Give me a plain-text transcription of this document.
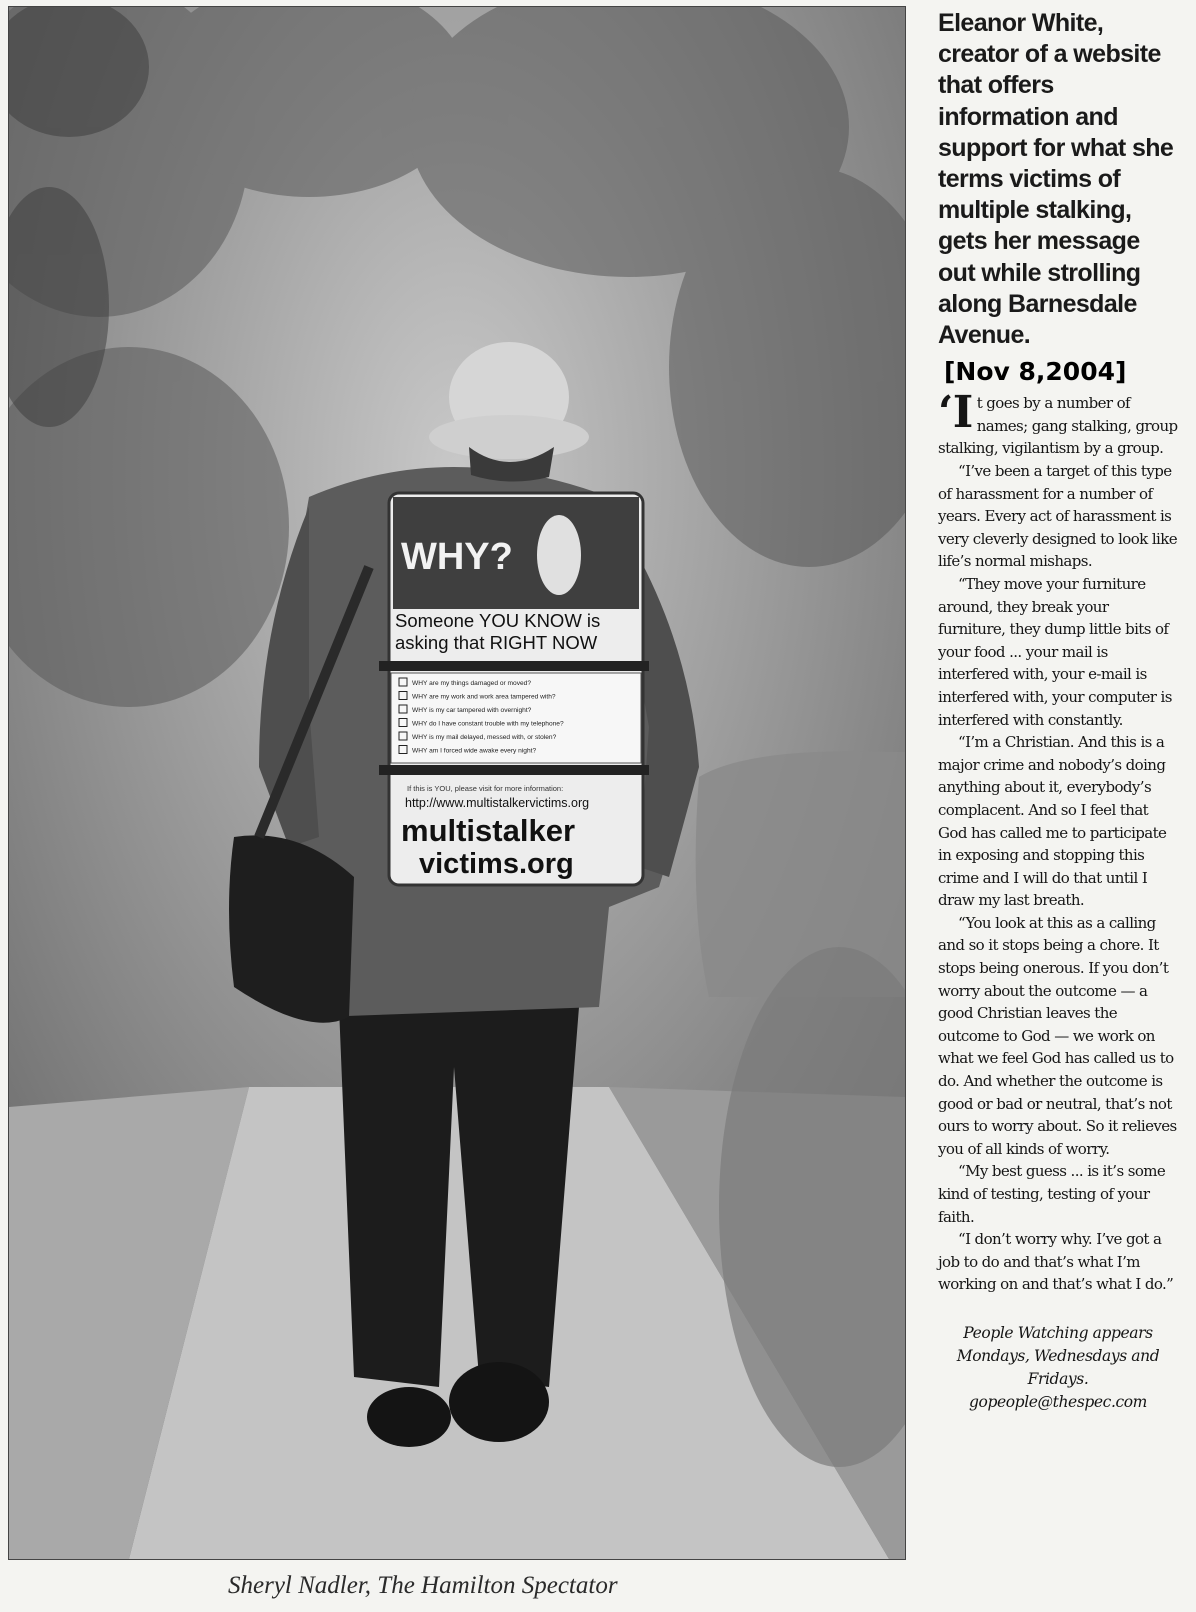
WHY?
Someone YOU KNOW is
asking that RIGHT NOW
WHY are my things damaged or moved?
WHY are my work and work area tampered with?
WHY is my car tampered with overnight?
WHY do I have constant trouble with my telephone?
WHY is my mail delayed, messed with, or stolen?
WHY am I forced wide awake every night?
If this is YOU, please visit for more information:
http://www.multistalkervictims.org
multistalker
victims.org
Sheryl Nadler, The Hamilton Spectator

Eleanor White, creator of a website that offers information and support for what she terms victims of multiple stalking, gets her message out while strolling along Barnesdale Avenue.

[Nov 8,2004]

‘It goes by a number of names; gang stalking, group stalking, vigilantism by a group.

“I’ve been a target of this type of harassment for a number of years. Every act of harassment is very cleverly designed to look like life’s normal mishaps.

“They move your furniture around, they break your furniture, they dump little bits of your food ... your mail is interfered with, your e-mail is interfered with, your computer is interfered with constantly.

“I’m a Christian. And this is a major crime and nobody’s doing anything about it, everybody’s complacent. And so I feel that God has called me to participate in exposing and stopping this crime and I will do that until I draw my last breath.

“You look at this as a calling and so it stops being a chore. It stops being onerous. If you don’t worry about the outcome — a good Christian leaves the outcome to God — we work on what we feel God has called us to do. And whether the outcome is good or bad or neutral, that’s not ours to worry about. So it relieves you of all kinds of worry.

“My best guess ... is it’s some kind of testing, testing of your faith.

“I don’t worry why. I’ve got a job to do and that’s what I’m working on and that’s what I do.”

People Watching appears Mondays, Wednesdays and Fridays.
gopeople@thespec.com
